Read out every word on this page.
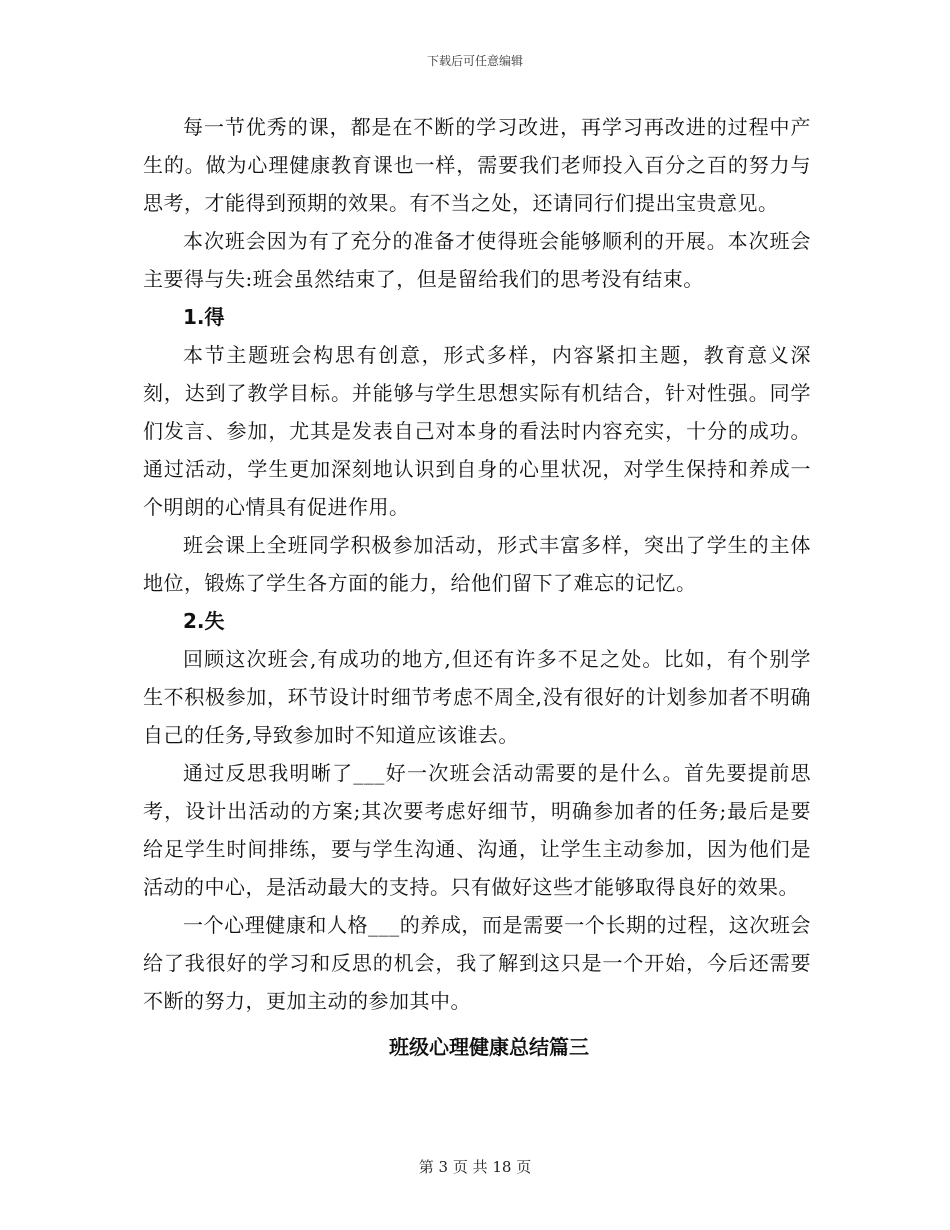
下载后可任意编辑

每一节优秀的课，都是在不断的学习改进，再学习再改进的过程中产生的。做为心理健康教育课也一样，需要我们老师投入百分之百的努力与思考，才能得到预期的效果。有不当之处，还请同行们提出宝贵意见。

本次班会因为有了充分的准备才使得班会能够顺利的开展。本次班会主要得与失:班会虽然结束了，但是留给我们的思考没有结束。

1.得

本节主题班会构思有创意，形式多样，内容紧扣主题，教育意义深刻，达到了教学目标。并能够与学生思想实际有机结合，针对性强。同学们发言、参加，尤其是发表自己对本身的看法时内容充实，十分的成功。通过活动，学生更加深刻地认识到自身的心里状况，对学生保持和养成一个明朗的心情具有促进作用。

班会课上全班同学积极参加活动，形式丰富多样，突出了学生的主体地位，锻炼了学生各方面的能力，给他们留下了难忘的记忆。

2.失

回顾这次班会,有成功的地方,但还有许多不足之处。比如，有个别学生不积极参加，环节设计时细节考虑不周全,没有很好的计划参加者不明确自己的任务,导致参加时不知道应该谁去。

通过反思我明晰了___好一次班会活动需要的是什么。首先要提前思考，设计出活动的方案;其次要考虑好细节，明确参加者的任务;最后是要给足学生时间排练，要与学生沟通、沟通，让学生主动参加，因为他们是活动的中心，是活动最大的支持。只有做好这些才能够取得良好的效果。

一个心理健康和人格___的养成，而是需要一个长期的过程，这次班会给了我很好的学习和反思的机会，我了解到这只是一个开始，今后还需要不断的努力，更加主动的参加其中。

班级心理健康总结篇三

第 3 页 共 18 页
